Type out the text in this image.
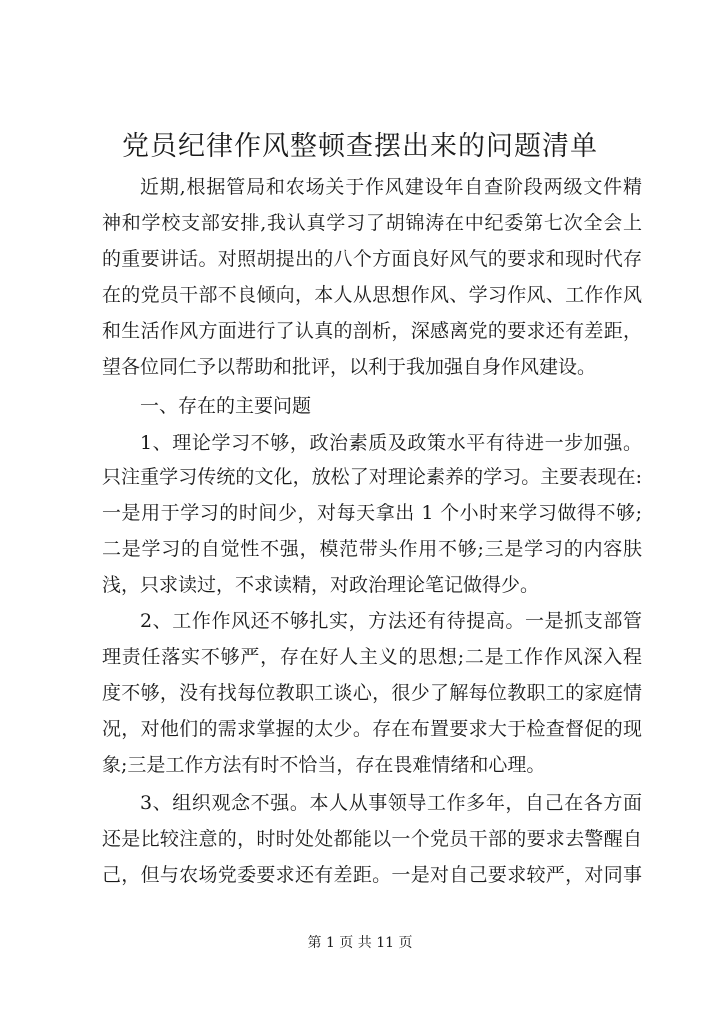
党员纪律作风整顿查摆出来的问题清单

近期,根据管局和农场关于作风建设年自查阶段两级文件精

神和学校支部安排,我认真学习了胡锦涛在中纪委第七次全会上

的重要讲话。对照胡提出的八个方面良好风气的要求和现时代存

在的党员干部不良倾向，本人从思想作风、学习作风、工作作风

和生活作风方面进行了认真的剖析，深感离党的要求还有差距，

望各位同仁予以帮助和批评，以利于我加强自身作风建设。

一、存在的主要问题

1、理论学习不够，政治素质及政策水平有待进一步加强。

只注重学习传统的文化，放松了对理论素养的学习。主要表现在:

一是用于学习的时间少，对每天拿出 1 个小时来学习做得不够;

二是学习的自觉性不强，模范带头作用不够;三是学习的内容肤

浅，只求读过，不求读精，对政治理论笔记做得少。

2、工作作风还不够扎实，方法还有待提高。一是抓支部管

理责任落实不够严，存在好人主义的思想;二是工作作风深入程

度不够，没有找每位教职工谈心，很少了解每位教职工的家庭情

况，对他们的需求掌握的太少。存在布置要求大于检查督促的现

象;三是工作方法有时不恰当，存在畏难情绪和心理。

3、组织观念不强。本人从事领导工作多年，自己在各方面

还是比较注意的，时时处处都能以一个党员干部的要求去警醒自

己，但与农场党委要求还有差距。一是对自己要求较严，对同事

第 1 页 共 11 页
